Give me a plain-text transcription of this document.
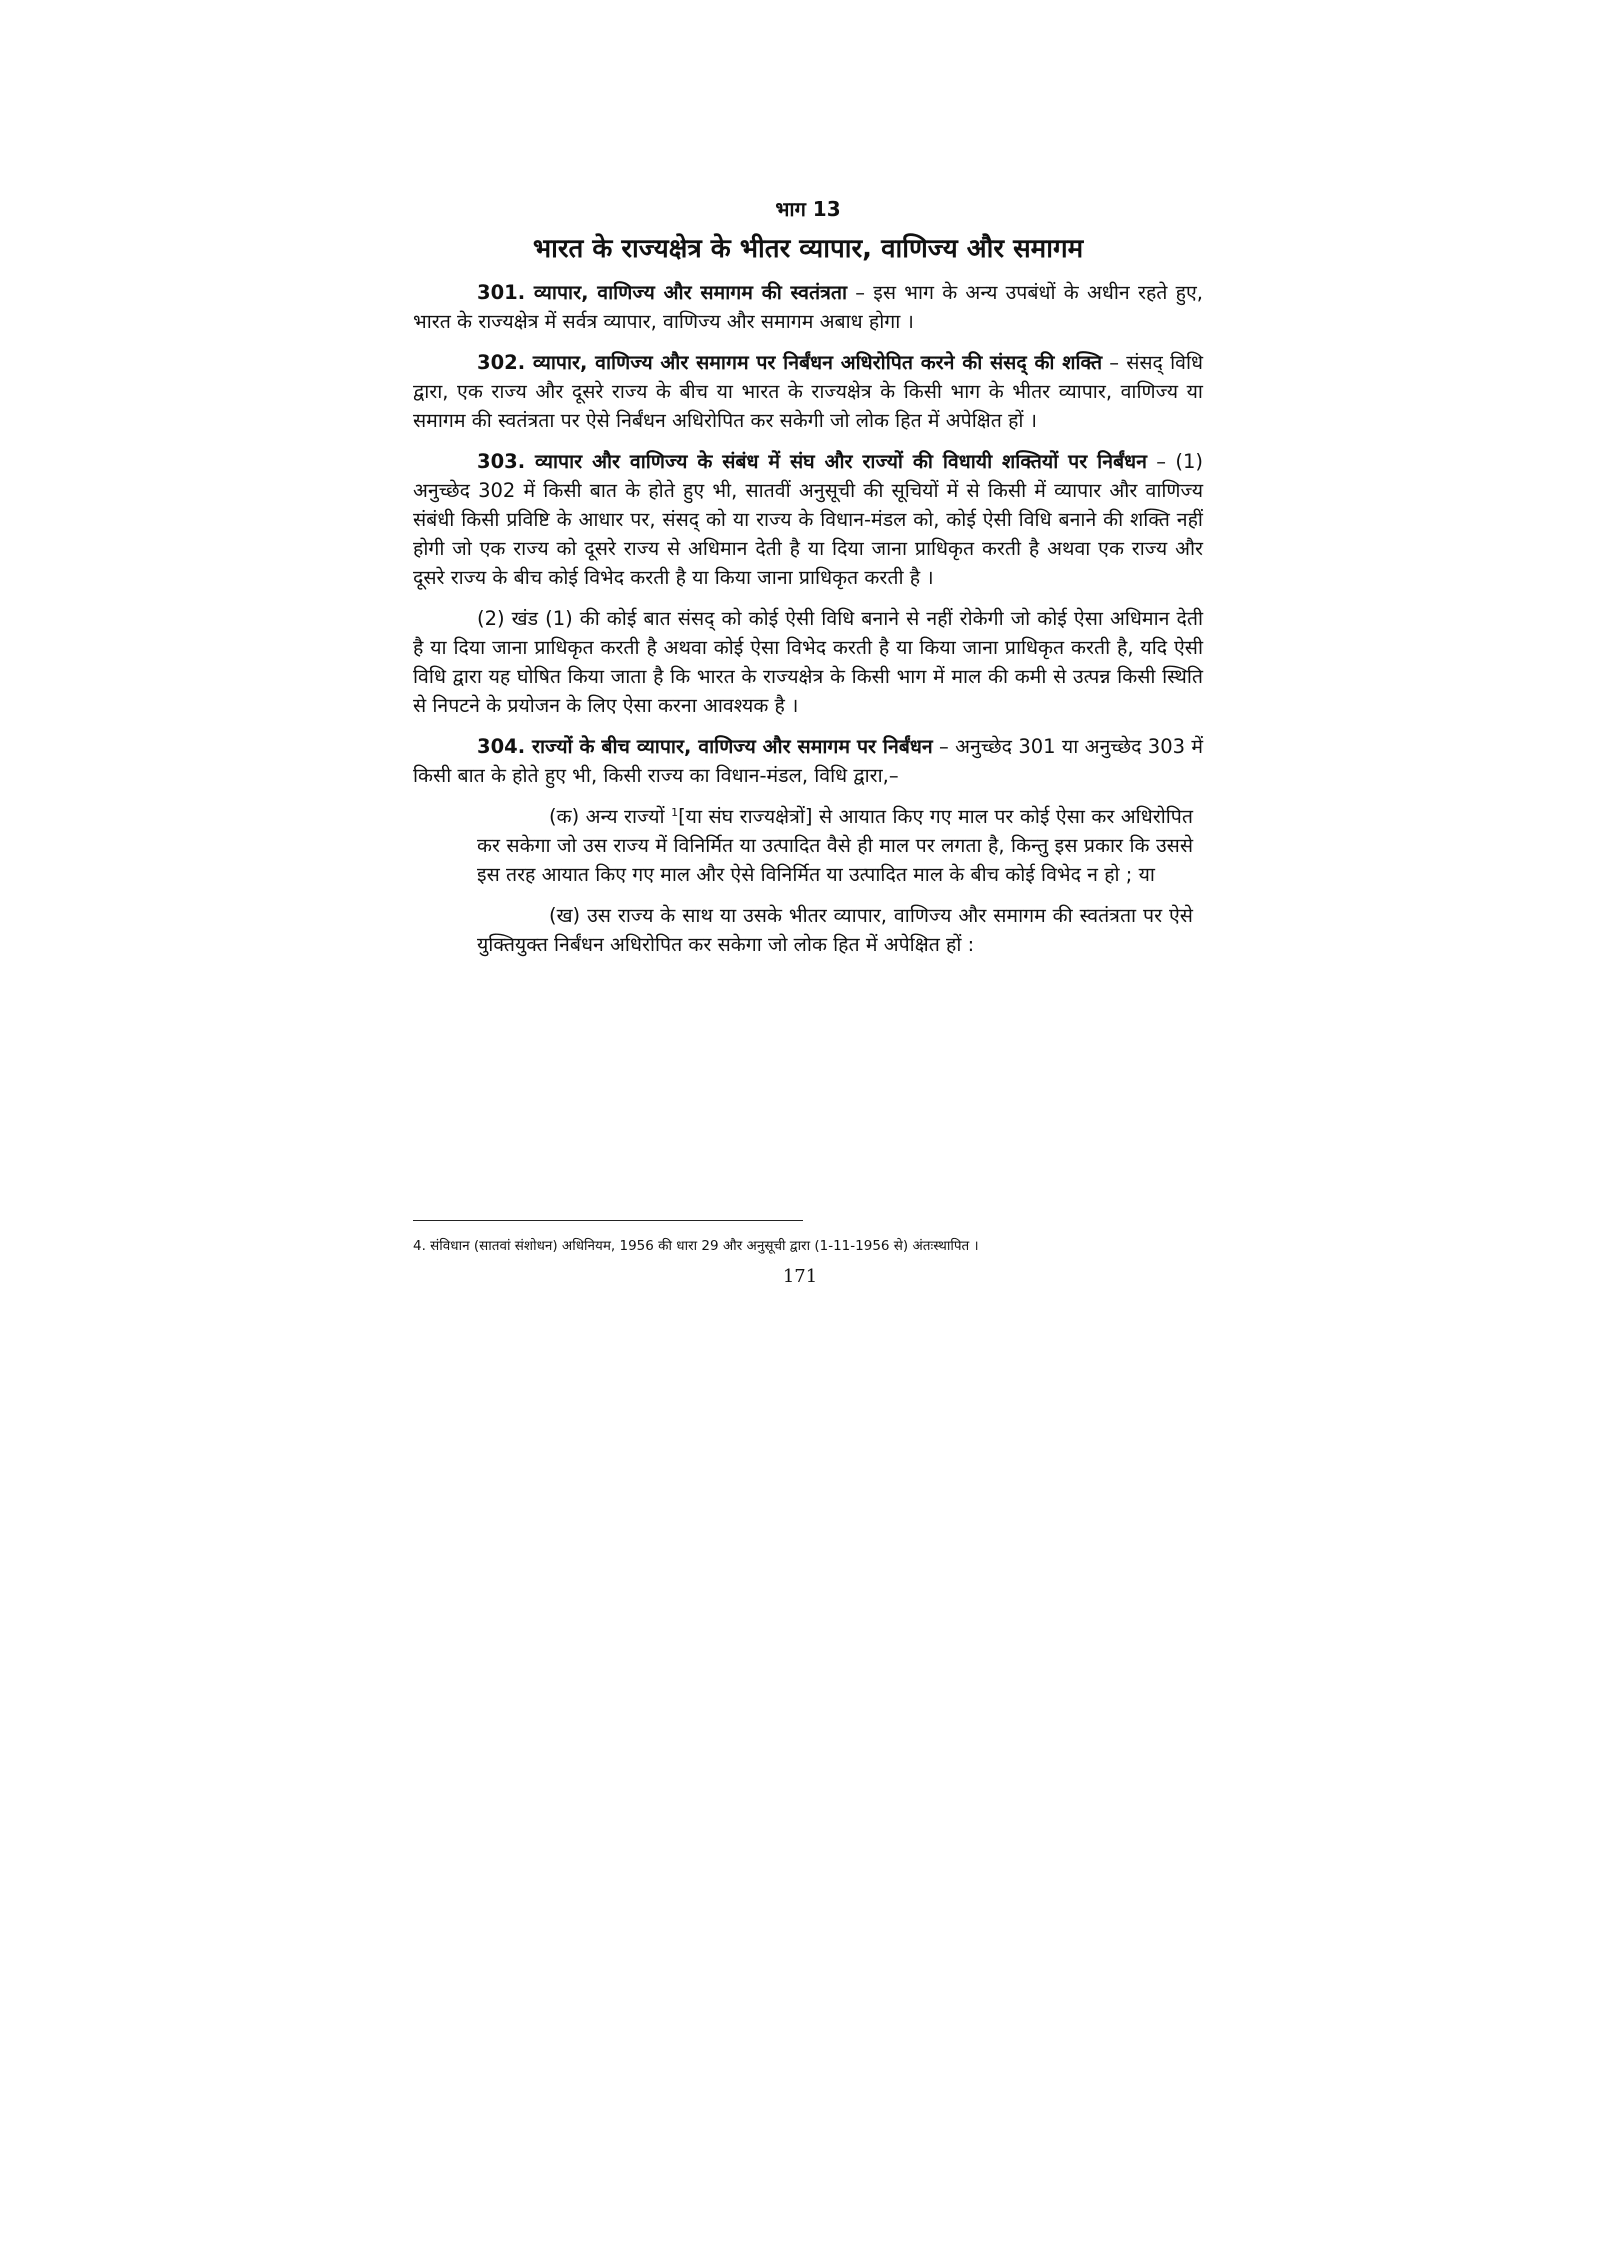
भाग 13
भारत के राज्यक्षेत्र के भीतर व्यापार, वाणिज्य और समागम

301. व्यापार, वाणिज्य और समागम की स्वतंत्रता – इस भाग के अन्य उपबंधों के अधीन रहते हुए, भारत के राज्यक्षेत्र में सर्वत्र व्यापार, वाणिज्य और समागम अबाध होगा ।

302. व्यापार, वाणिज्य और समागम पर निर्बंधन अधिरोपित करने की संसद् की शक्ति – संसद् विधि द्वारा, एक राज्य और दूसरे राज्य के बीच या भारत के राज्यक्षेत्र के किसी भाग के भीतर व्यापार, वाणिज्य या समागम की स्वतंत्रता पर ऐसे निर्बंधन अधिरोपित कर सकेगी जो लोक हित में अपेक्षित हों ।

303. व्यापार और वाणिज्य के संबंध में संघ और राज्यों की विधायी शक्तियों पर निर्बंधन – (1) अनुच्छेद 302 में किसी बात के होते हुए भी, सातवीं अनुसूची की सूचियों में से किसी में व्यापार और वाणिज्य संबंधी किसी प्रविष्टि के आधार पर, संसद् को या राज्य के विधान-मंडल को, कोई ऐसी विधि बनाने की शक्ति नहीं होगी जो एक राज्य को दूसरे राज्य से अधिमान देती है या दिया जाना प्राधिकृत करती है अथवा एक राज्य और दूसरे राज्य के बीच कोई विभेद करती है या किया जाना प्राधिकृत करती है ।

(2) खंड (1) की कोई बात संसद् को कोई ऐसी विधि बनाने से नहीं रोकेगी जो कोई ऐसा अधिमान देती है या दिया जाना प्राधिकृत करती है अथवा कोई ऐसा विभेद करती है या किया जाना प्राधिकृत करती है, यदि ऐसी विधि द्वारा यह घोषित किया जाता है कि भारत के राज्यक्षेत्र के किसी भाग में माल की कमी से उत्पन्न किसी स्थिति से निपटने के प्रयोजन के लिए ऐसा करना आवश्यक है ।

304. राज्यों के बीच व्यापार, वाणिज्य और समागम पर निर्बंधन – अनुच्छेद 301 या अनुच्छेद 303 में किसी बात के होते हुए भी, किसी राज्य का विधान-मंडल, विधि द्वारा,–

(क) अन्य राज्यों $^1$[या संघ राज्यक्षेत्रों] से आयात किए गए माल पर कोई ऐसा कर अधिरोपित कर सकेगा जो उस राज्य में विनिर्मित या उत्पादित वैसे ही माल पर लगता है, किन्तु इस प्रकार कि उससे इस तरह आयात किए गए माल और ऐसे विनिर्मित या उत्पादित माल के बीच कोई विभेद न हो ; या

(ख) उस राज्य के साथ या उसके भीतर व्यापार, वाणिज्य और समागम की स्वतंत्रता पर ऐसे युक्तियुक्त निर्बंधन अधिरोपित कर सकेगा जो लोक हित में अपेक्षित हों :

4. संविधान (सातवां संशोधन) अधिनियम, 1956 की धारा 29 और अनुसूची द्वारा (1-11-1956 से) अंतःस्थापित ।
171
